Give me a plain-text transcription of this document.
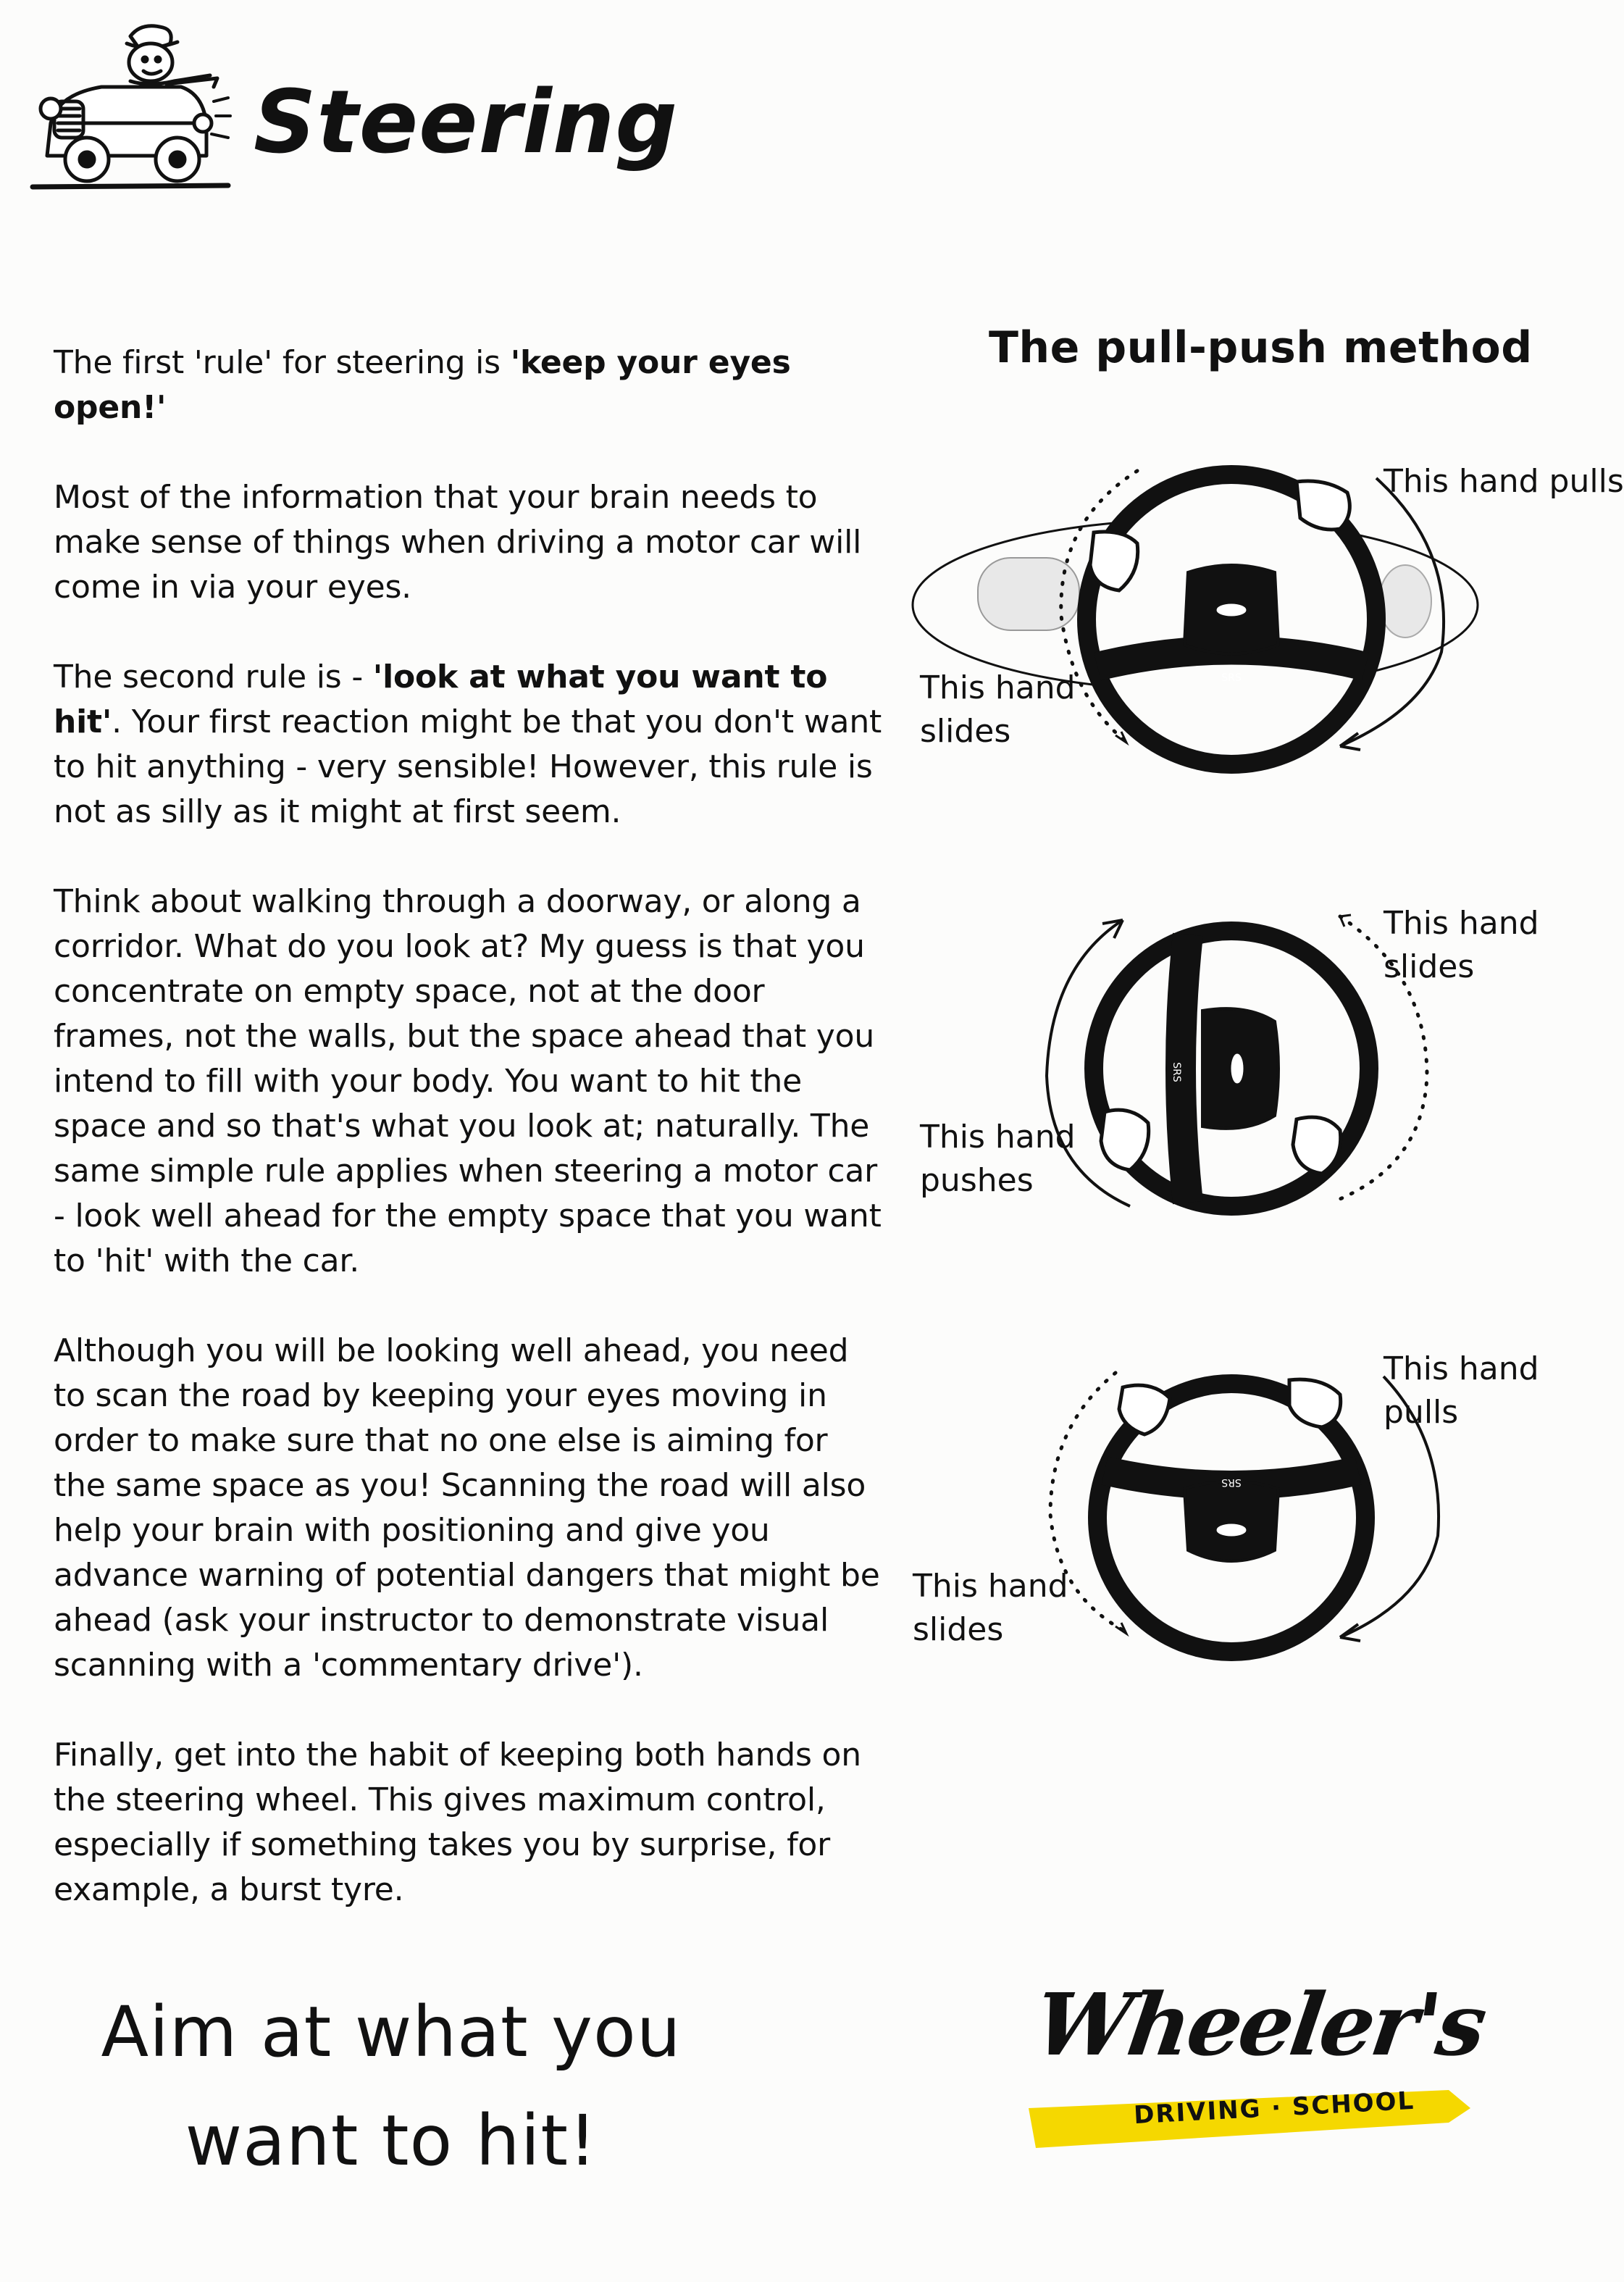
Steering

The first 'rule' for steering is 'keep your eyes open!'

Most of the information that your brain needs to make sense of things when driving a motor car will come in via your eyes.

The second rule is - 'look at what you want to hit'. Your first reaction might be that you don't want to hit anything - very sensible! However, this rule is not as silly as it might at first seem.

Think about walking through a doorway, or along a corridor. What do you look at? My guess is that you concentrate on empty space, not at the door frames, not the walls, but the space ahead that you intend to fill with your body. You want to hit the space and so that's what you look at; naturally. The same simple rule applies when steering a motor car - look well ahead for the empty space that you want to 'hit' with the car.

Although you will be looking well ahead, you need to scan the road by keeping your eyes moving in order to make sure that no one else is aiming for the same space as you! Scanning the road will also help your brain with positioning and give you advance warning of potential dangers that might be ahead (ask your instructor to demonstrate visual scanning with a 'commentary drive').

Finally, get into the habit of keeping both hands on the steering wheel. This gives maximum control, especially if something takes you by surprise, for example, a burst tyre.

The pull-push method
SRS
This hand pulls
This hand slides
SRS
This hand slides
This hand pushes
SRS
This hand pulls
This hand slides
Aim at what you
want to hit!
Wheeler's
DRIVING · SCHOOL
